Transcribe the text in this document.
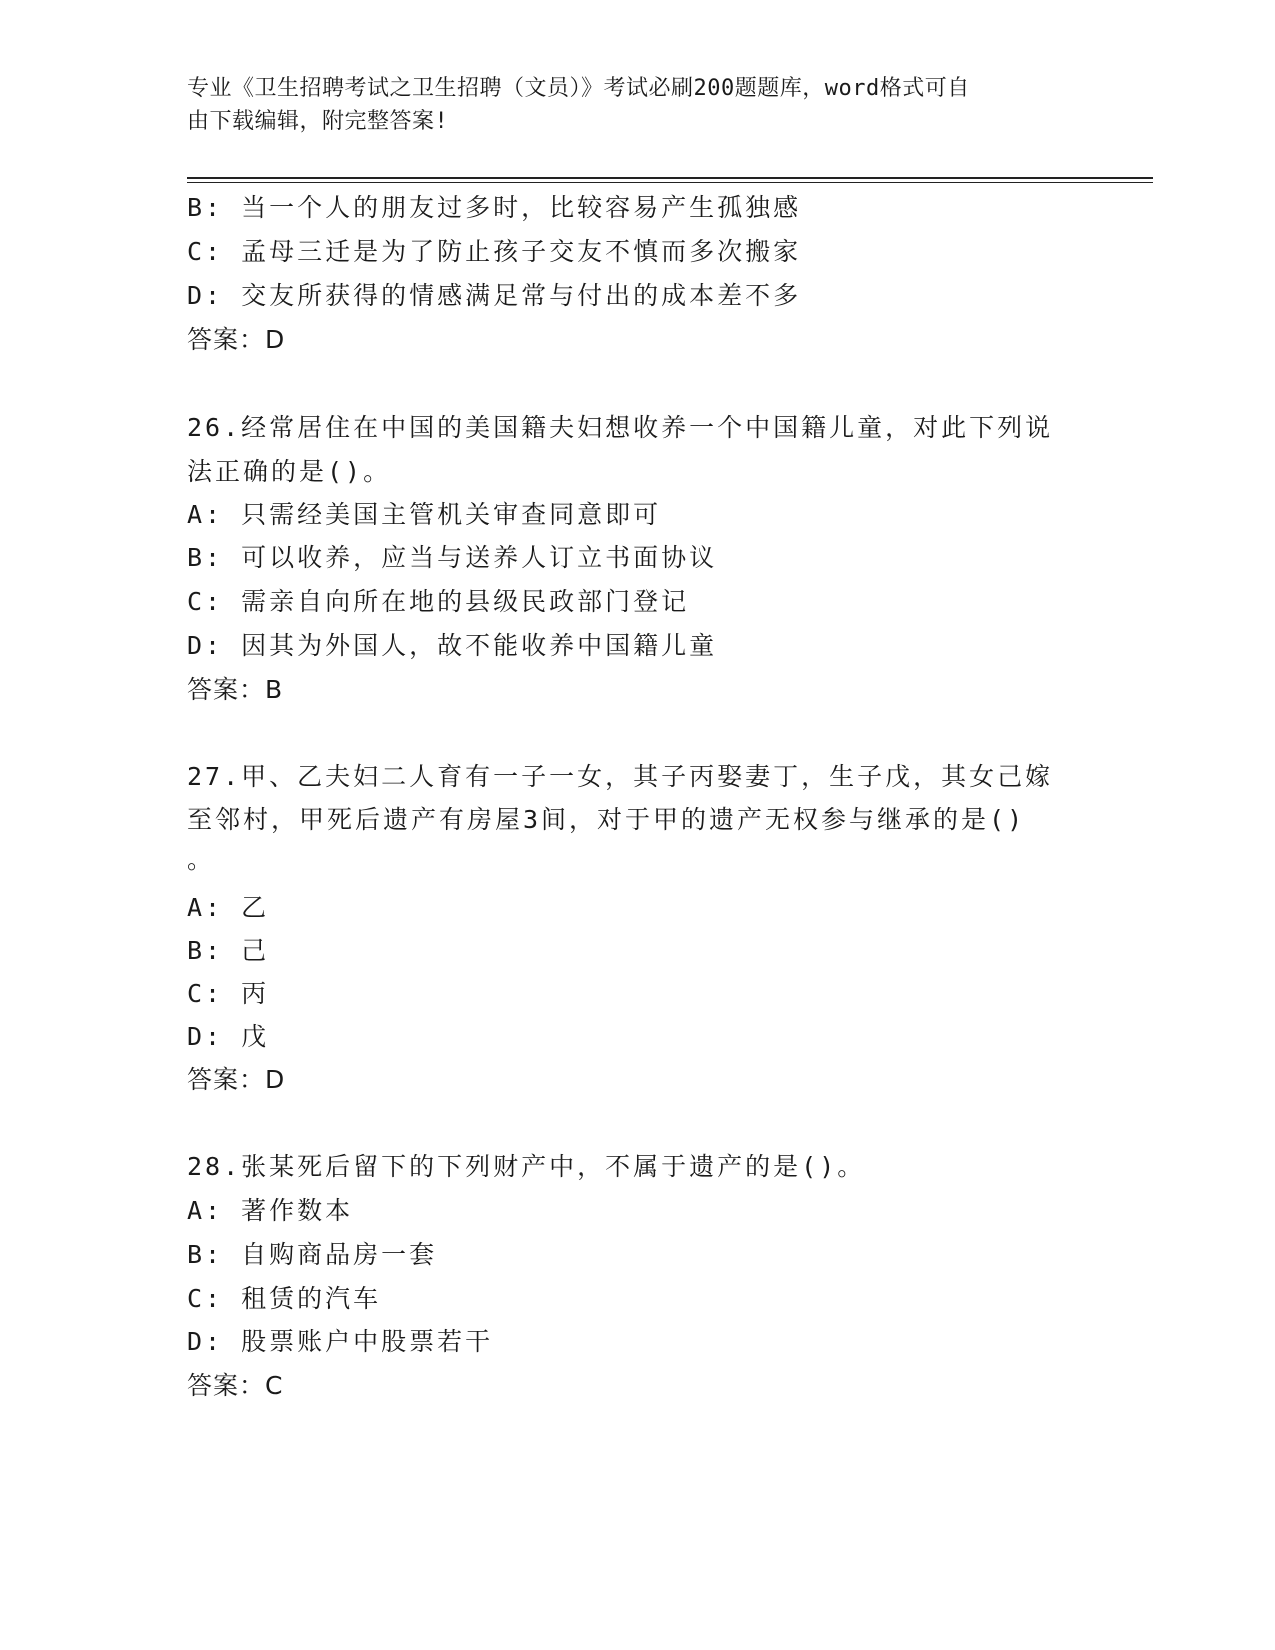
专业《卫生招聘考试之卫生招聘（文员）》考试必刷200题题库，word格式可自
由下载编辑，附完整答案!
B: 当一个人的朋友过多时，比较容易产生孤独感
C: 孟母三迁是为了防止孩子交友不慎而多次搬家
D: 交友所获得的情感满足常与付出的成本差不多
答案：D
26.经常居住在中国的美国籍夫妇想收养一个中国籍儿童，对此下列说
法正确的是()。
A: 只需经美国主管机关审查同意即可
B: 可以收养，应当与送养人订立书面协议
C: 需亲自向所在地的县级民政部门登记
D: 因其为外国人，故不能收养中国籍儿童
答案：B
27.甲、乙夫妇二人育有一子一女，其子丙娶妻丁，生子戊，其女己嫁
至邻村，甲死后遗产有房屋3间，对于甲的遗产无权参与继承的是()
。
A: 乙
B: 己
C: 丙
D: 戊
答案：D
28.张某死后留下的下列财产中，不属于遗产的是()。
A: 著作数本
B: 自购商品房一套
C: 租赁的汽车
D: 股票账户中股票若干
答案：C
